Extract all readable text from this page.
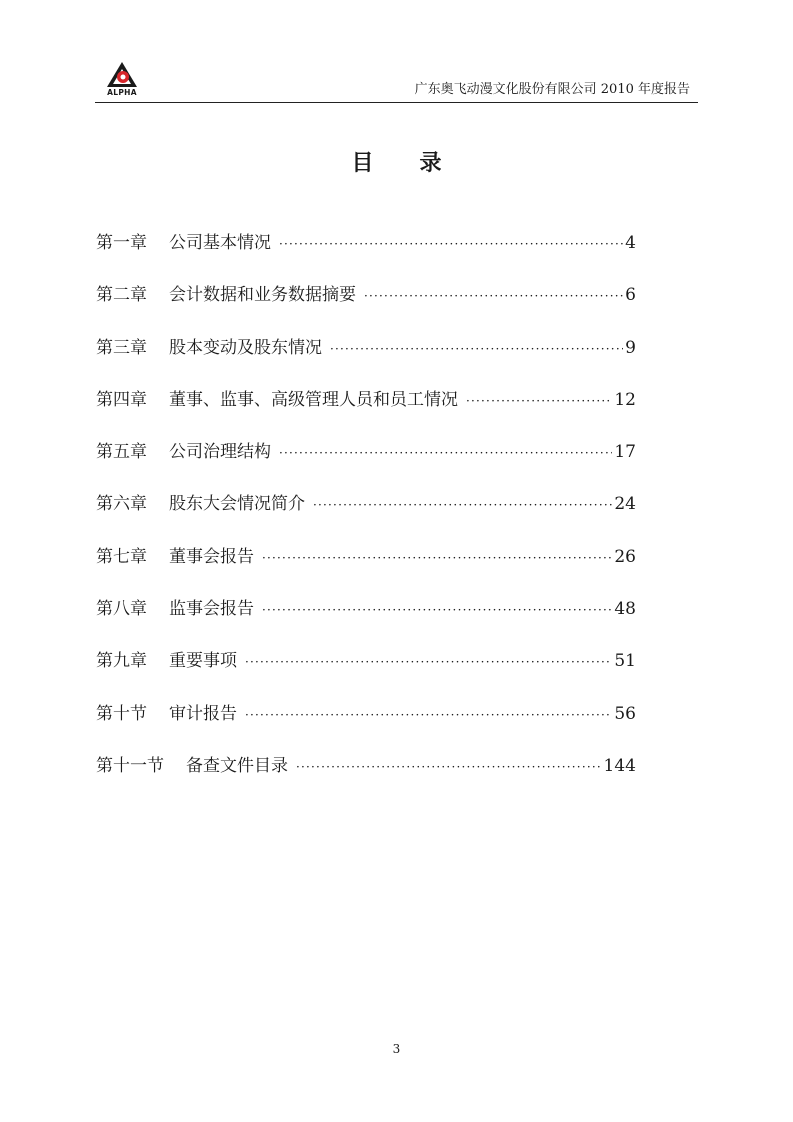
ALPHA	广东奥飞动漫文化股份有限公司 2010 年度报告
目 录
第一章 公司基本情况 ·····	4
第二章 会计数据和业务数据摘要 ·····	6
第三章 股本变动及股东情况 ·····	9
第四章 董事、监事、高级管理人员和员工情况 ·····	12
第五章 公司治理结构 ·····	17
第六章 股东大会情况简介 ·····	24
第七章 董事会报告 ·····	26
第八章 监事会报告 ·····	48
第九章 重要事项 ·····	51
第十节 审计报告 ·····	56
第十一节 备查文件目录 ·····	144
3
